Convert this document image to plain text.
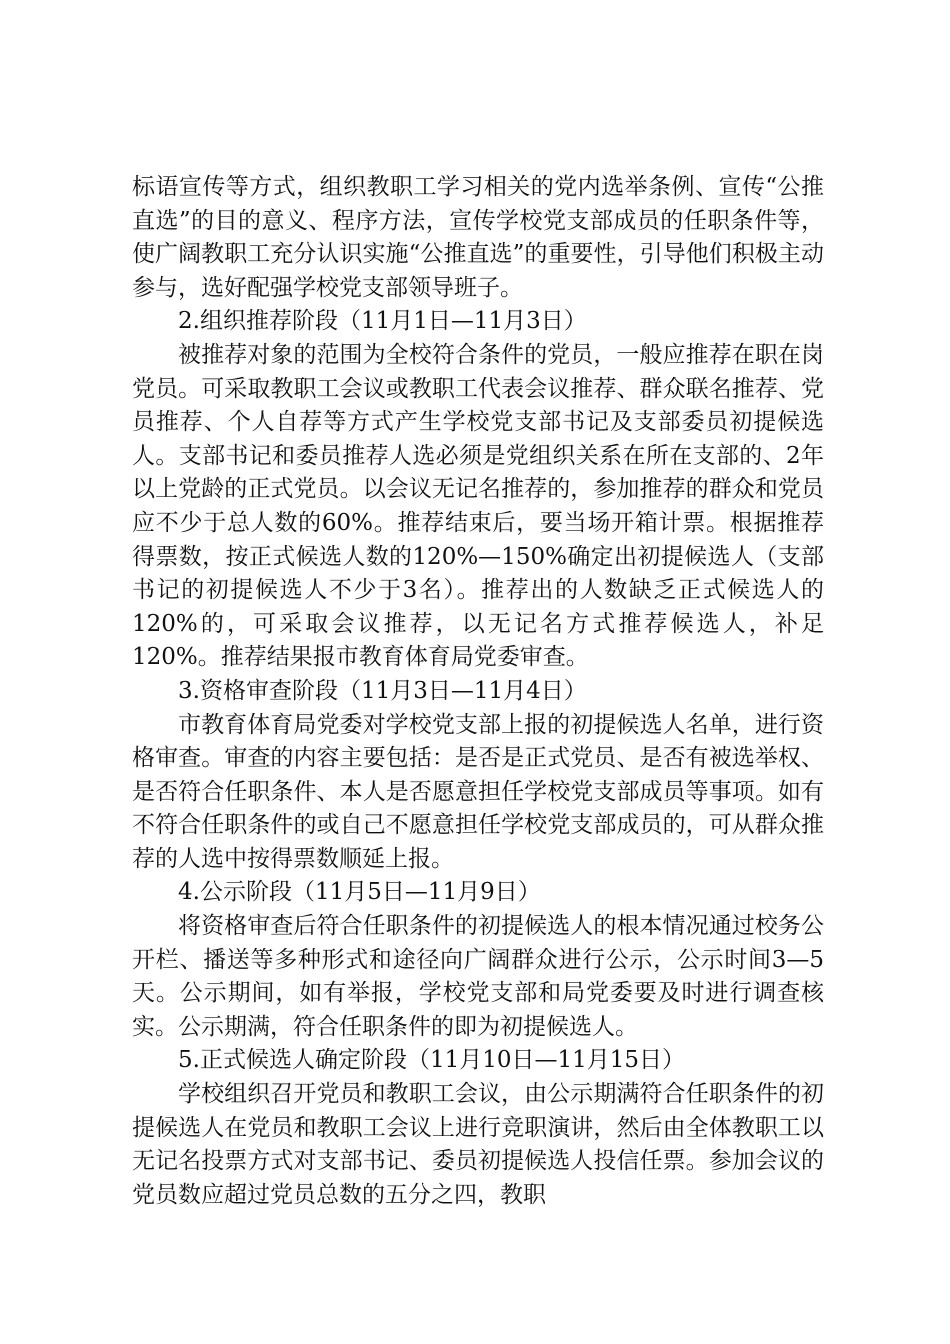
标语宣传等方式，组织教职工学习相关的党内选举条例、宣传“公推直选”的目的意义、程序方法，宣传学校党支部成员的任职条件等，使广阔教职工充分认识实施“公推直选”的重要性，引导他们积极主动参与，选好配强学校党支部领导班子。

2.组织推荐阶段（11月1日—11月3日）

被推荐对象的范围为全校符合条件的党员，一般应推荐在职在岗党员。可采取教职工会议或教职工代表会议推荐、群众联名推荐、党员推荐、个人自荐等方式产生学校党支部书记及支部委员初提候选人。支部书记和委员推荐人选必须是党组织关系在所在支部的、2年以上党龄的正式党员。以会议无记名推荐的，参加推荐的群众和党员应不少于总人数的60%。推荐结束后，要当场开箱计票。根据推荐得票数，按正式候选人数的120%—150%确定出初提候选人（支部书记的初提候选人不少于3名）。推荐出的人数缺乏正式候选人的120%的，可采取会议推荐，以无记名方式推荐候选人，补足120%。推荐结果报市教育体育局党委审查。

3.资格审查阶段（11月3日—11月4日）

市教育体育局党委对学校党支部上报的初提候选人名单，进行资格审查。审查的内容主要包括：是否是正式党员、是否有被选举权、是否符合任职条件、本人是否愿意担任学校党支部成员等事项。如有不符合任职条件的或自己不愿意担任学校党支部成员的，可从群众推荐的人选中按得票数顺延上报。

4.公示阶段（11月5日—11月9日）

将资格审查后符合任职条件的初提候选人的根本情况通过校务公开栏、播送等多种形式和途径向广阔群众进行公示，公示时间3—5天。公示期间，如有举报，学校党支部和局党委要及时进行调查核实。公示期满，符合任职条件的即为初提候选人。

5.正式候选人确定阶段（11月10日—11月15日）

学校组织召开党员和教职工会议，由公示期满符合任职条件的初提候选人在党员和教职工会议上进行竞职演讲，然后由全体教职工以无记名投票方式对支部书记、委员初提候选人投信任票。参加会议的党员数应超过党员总数的五分之四，教职
